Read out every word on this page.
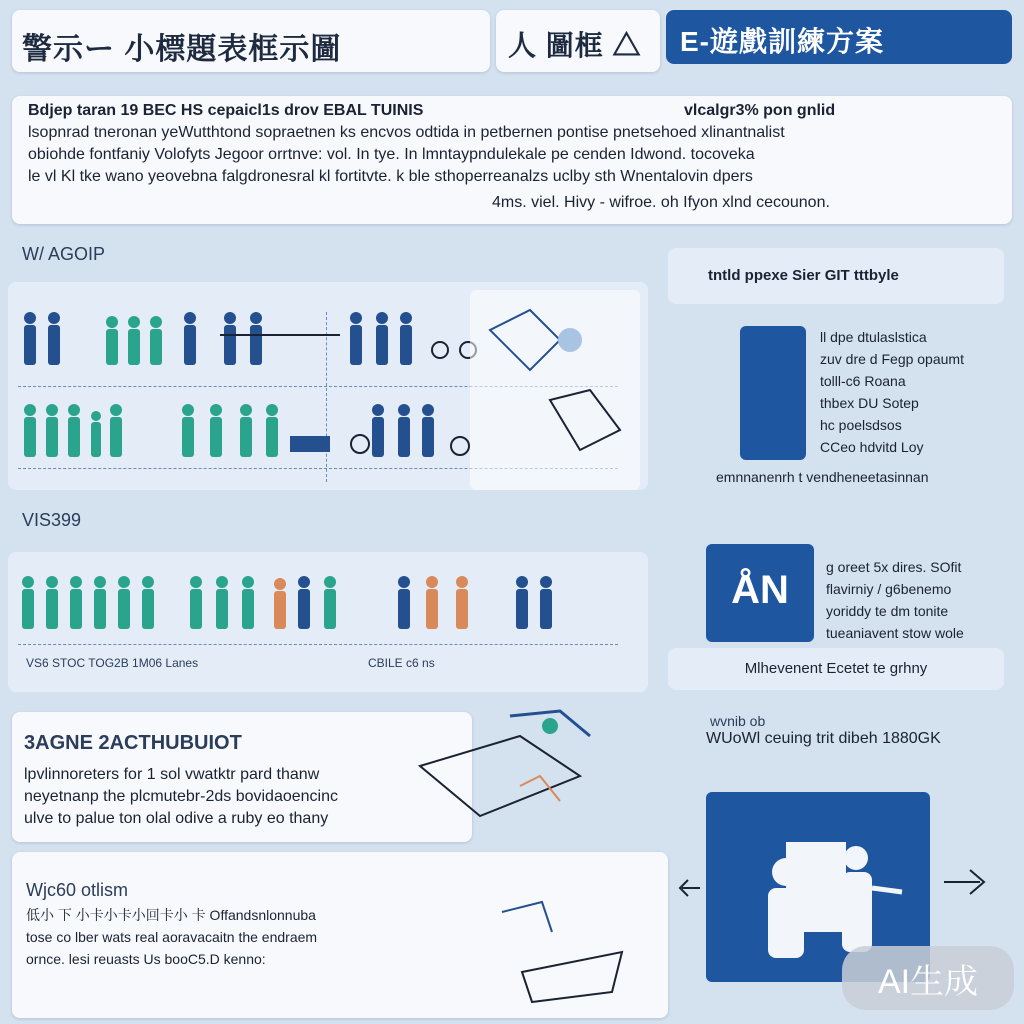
警示ー 小標題表框示圖	人 圖框 △ E-遊戲訓練方案
Bdjep taran 19 BEC HS cepaicl1s drov EBAL TUINIS	vlcalgr3% pon gnlid
lsopnrad tneronan yeWutthtond sopraetnen ks encvos odtida in petbernen pontise pnetsehoed xlinantnalist
obiohde fontfaniy Volofyts Jegoor orrtnve: vol. In tye. In lmntaypndulekale pe cenden Idwond. tocoveka
le vl Kl tke wano yeovebna falgdronesral kl fortitvte. k ble sthoperreanalzs uclby sth Wnentalovin dpers
4ms. viel. Hivy - wifroe. oh Ifyon xlnd cecounon.
W/ AGOIP
tntld ppexe Sier GIT tttbyle
ll dpe dtulaslstica
zuv dre d Fegp opaumt
tolll-c6 Roana
thbex DU Sotep
hc poelsdsos
CCeo hdvitd Loy
emnnanenrh t vendheneetasinnan
VIS399
VS6 STOC TOG2B 1M06 Lanes	CBILE c6 ns
ÅN
g oreet 5x dires. SOfit
flavirniy / g6benemo
yoriddy te dm tonite
tueaniavent stow wole
Mlhevenent Ecetet te grhny
3AGNE 2ACTHUBUIOT
lpvlinnoreters for 1 sol vwatktr pard thanw
neyetnanp the plcmutebr-2ds bovidaoencinc
ulve to palue ton olal odive a ruby eo thany
wvnib ob
WUoWl ceuing trit dibeh 1880GK
Wjc60 otlism
低小 下 小卡小卡小回卡小 卡 Offandsnlonnuba
tose co lber wats real aoravacaitn the endraem
ornce. lesi reuasts Us booC5.D kenno:
AI生成
